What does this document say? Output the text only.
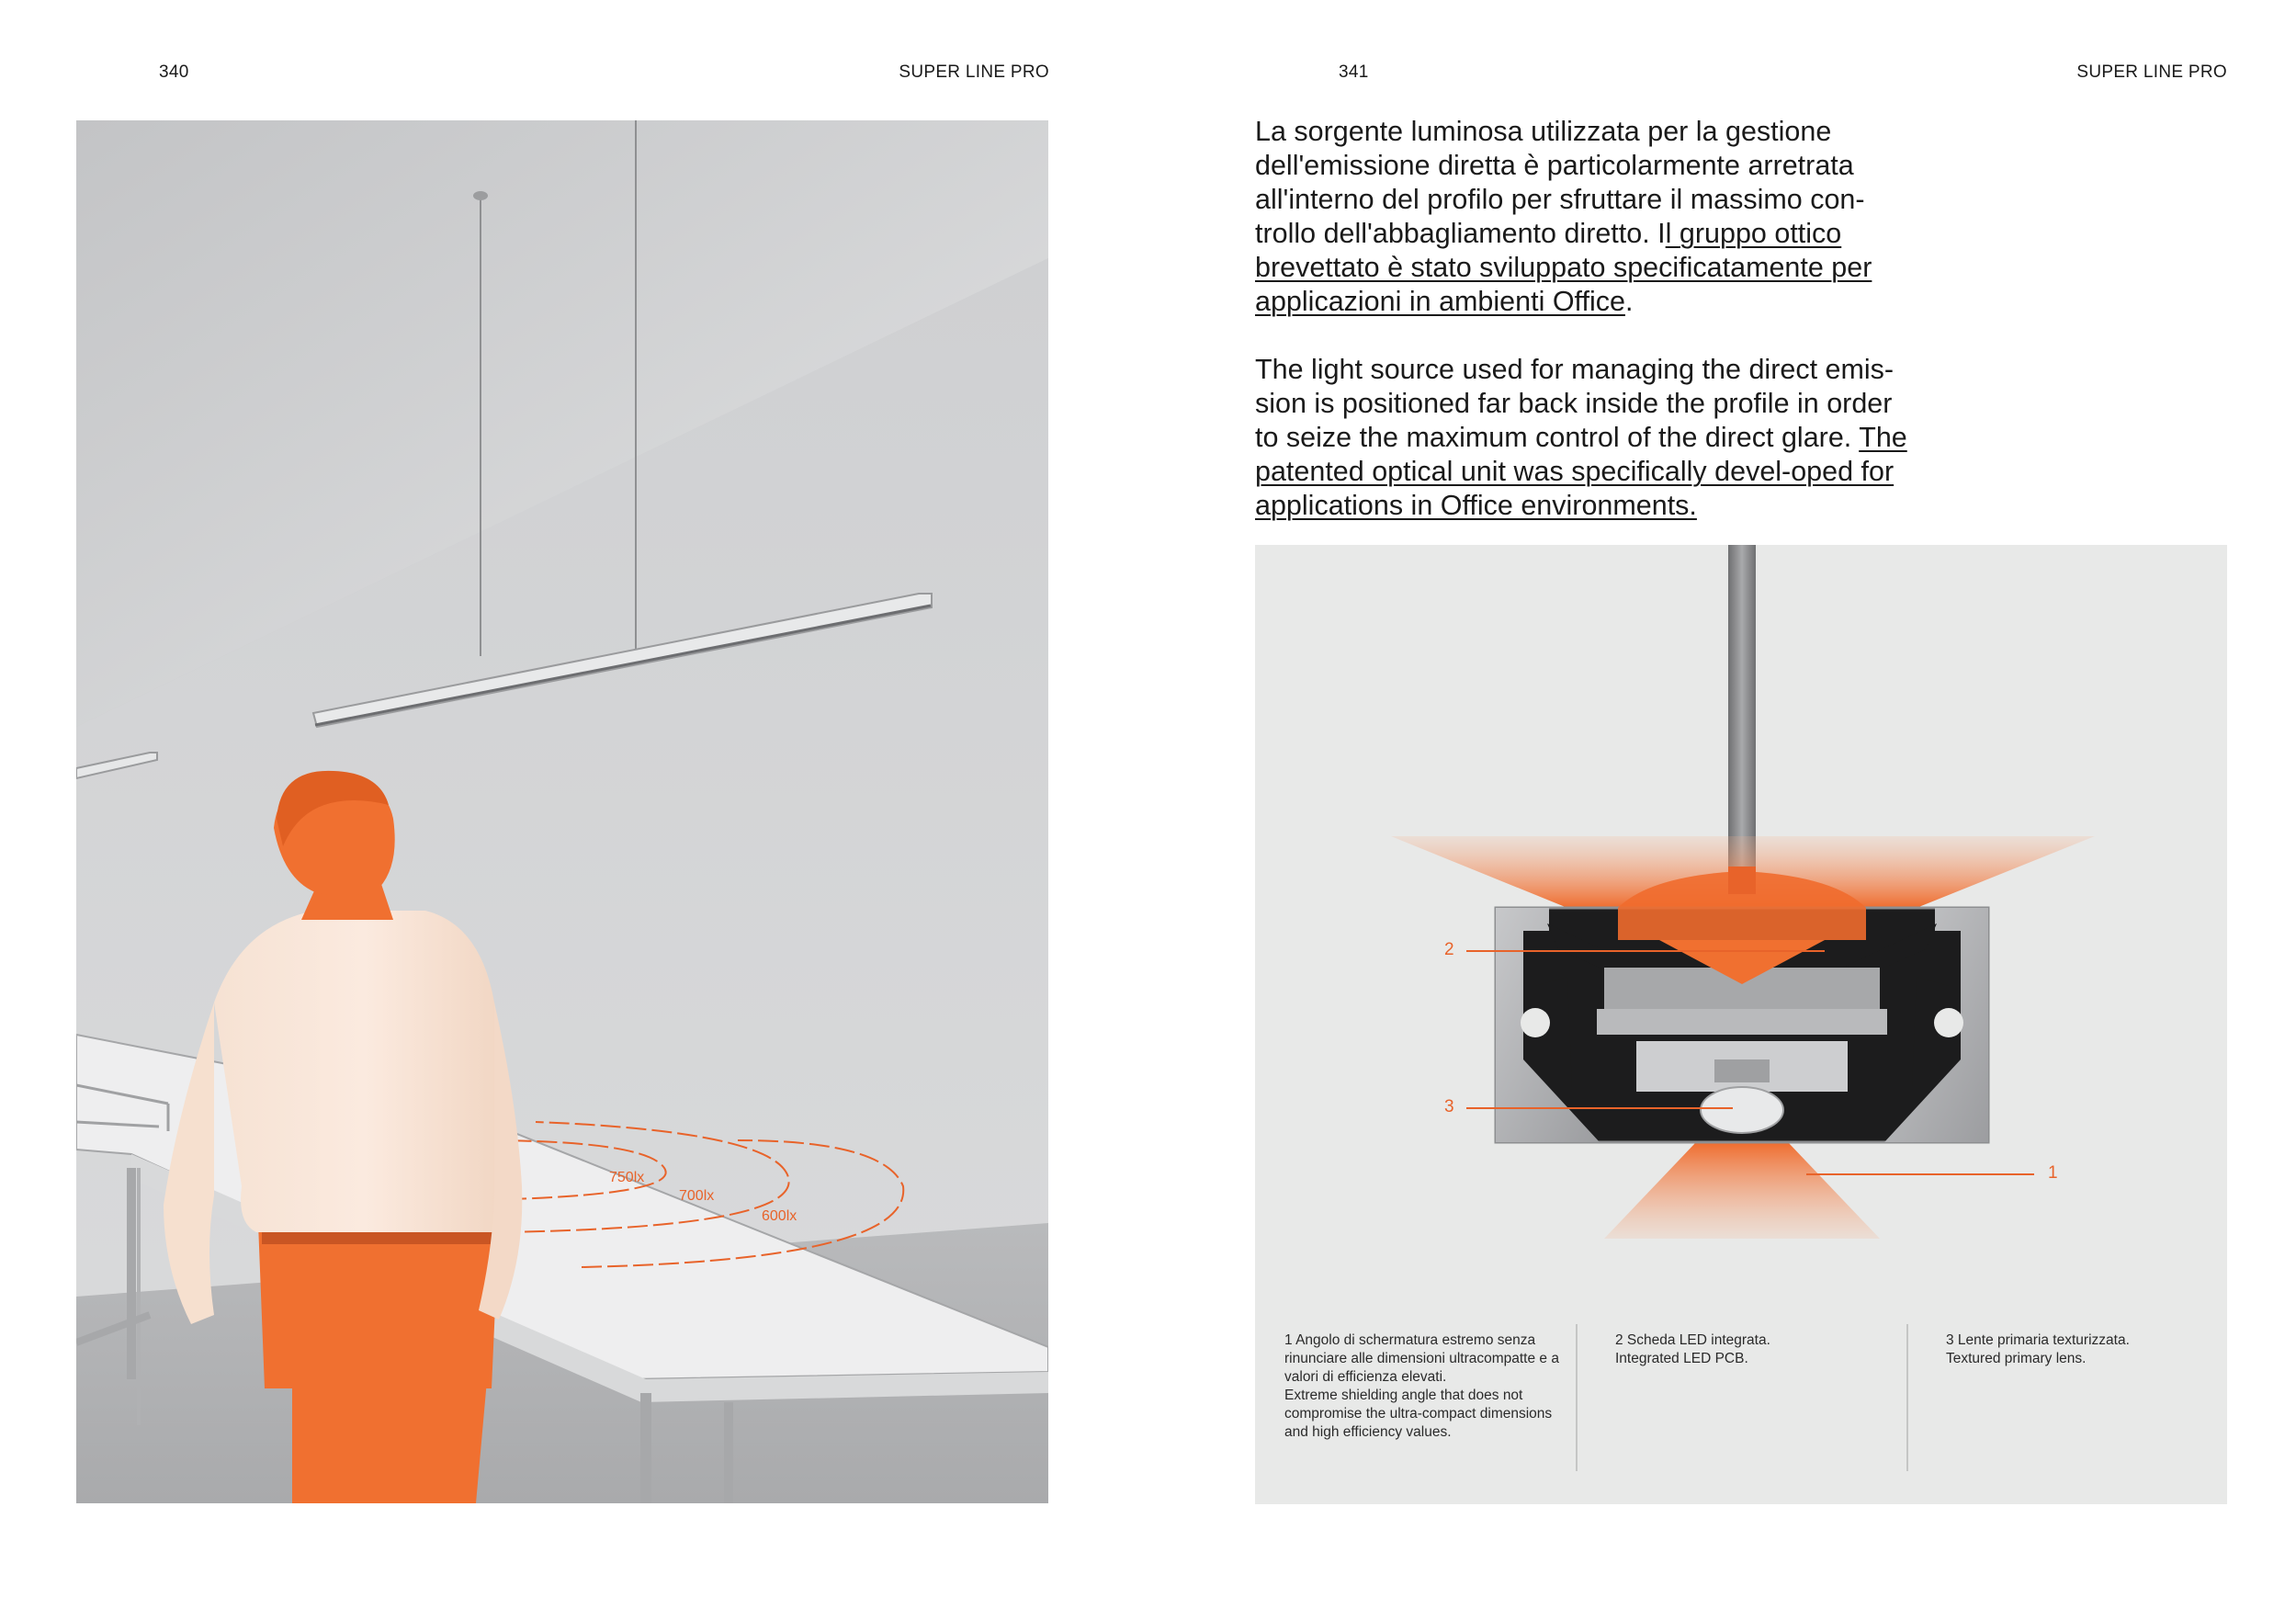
340	SUPER LINE PRO	341	SUPER LINE PRO
750lx
700lx
600lx

La sorgente luminosa utilizzata per la gestione dell'emissione diretta è particolarmente arretrata all'interno del profilo per sfruttare il massimo con-trollo dell'abbagliamento diretto. Il gruppo ottico brevettato è stato sviluppato specificatamente per applicazioni in ambienti Office.

The light source used for managing the direct emis-sion is positioned far back inside the profile in order to seize the maximum control of the direct glare. The patented optical unit was specifically devel-oped for applications in Office environments.

2
3
1
1 Angolo di schermatura estremo senza rinunciare alle dimensioni ultracompatte e a valori di efficienza elevati.
Extreme shielding angle that does not compromise the ultra-compact dimensions and high efficiency values.
2 Scheda LED integrata.
Integrated LED PCB.
3 Lente primaria texturizzata.
Textured primary lens.
